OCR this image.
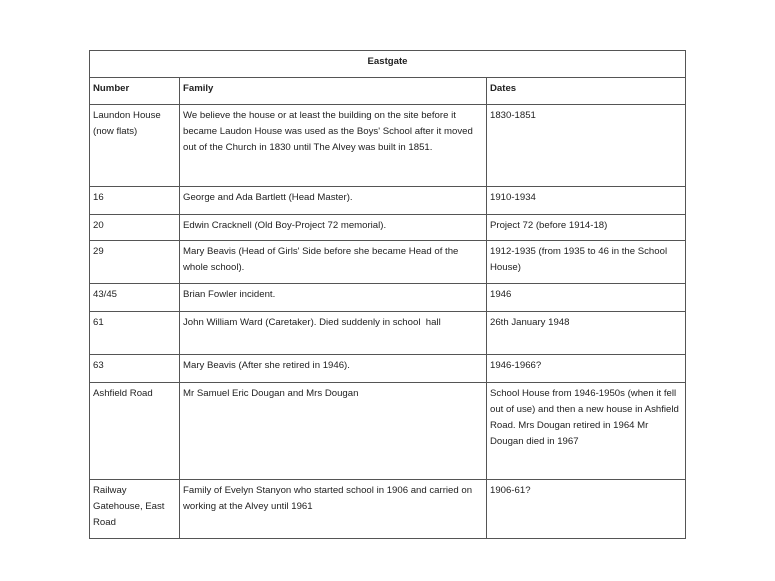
Eastgate		
Number	Family	Dates
Laundon House (now flats)	We believe the house or at least the building on the site before it became Laudon House was used as the Boys' School after it moved out of the Church in 1830 until The Alvey was built in 1851.	1830-1851
16	George and Ada Bartlett (Head Master).	1910-1934
20	Edwin Cracknell (Old Boy-Project 72 memorial).	Project 72 (before 1914-18)
29	Mary Beavis (Head of Girls' Side before she became Head of the whole school).	1912-1935 (from 1935 to 46 in the School House)
43/45	Brian Fowler incident.	1946
61	John William Ward (Caretaker). Died suddenly in school  hall	26th January 1948
63	Mary Beavis (After she retired in 1946).	1946-1966?
Ashfield Road	Mr Samuel Eric Dougan and Mrs Dougan	School House from 1946-1950s (when it fell out of use) and then a new house in Ashfield Road. Mrs Dougan retired in 1964 Mr Dougan died in 1967
Railway Gatehouse, East Road	Family of Evelyn Stanyon who started school in 1906 and carried on working at the Alvey until 1961	1906-61?
